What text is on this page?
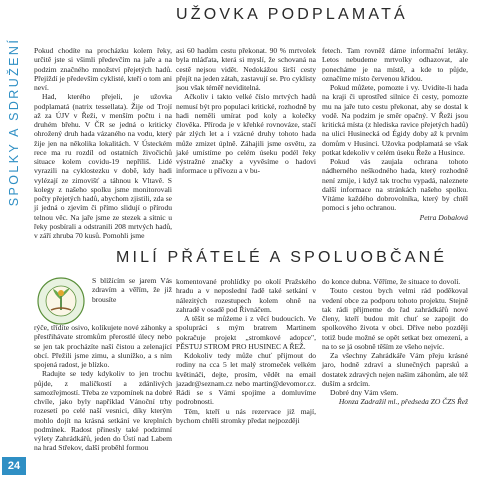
SPOLKY A SDRUŽENÍ
24
UŽOVKA PODPLAMATÁ

Pokud chodíte na procházku kolem řeky, určitě jste si všimli předevčím na jaře a na podzim značného množství přejetých hadů. Přejíždí je především cyklisté, kteří o tom ani neví.

Had, kterého přejeli, je užovka podplamatá (natrix tessellata). Žije od Trojí až za ÚJV v Řeži, v menším počtu i na druhém břehu. V ČR se jedná o kriticky ohrožený druh hada vázaného na vodu, který žije jen na několika lokalitách. V Ústeckém rece ma ru rozdíl od ostatních živočichů situace kolem covidu-19 nepříliš. Lidé vyrazili na cyklostezku v době, kdy hadi vylézají ze zimovišť a táhnou k Vltavě. S kolegy z našeho spolku jsme monitorovali počty přejetých hadů, abychom zjistili, zda se jí jedná o zjevím či přímo slidují o přírodu telnou věc. Na jaře jsme ze stezek a sítnic u řeky posbírali a odstranili 208 mrtvých hadů, v září zhruba 70 kusů. Pomohli jsme

asi 60 hadům cestu překonat. 90 % mrtvolek byla mláďata, která si myslí, že schovaná na cestě nejsou vidět. Nedokážou širší cesty přejít na jeden zátah, zastavují se. Pro cyklisty jsou však téměř neviditelná.

Ačkoliv i takto velké číslo mrtvých hadů nemusí být pro populaci kritické, rozhodně by hadi neměli umírat pod koly a kolečky člověka. Příroda je v křehké rovnováze, stačí pár zlých let a i vzácné druhy tohoto hada může zmizet úplně. Záhajili jsme osvětu, za jaké umístíme po celém úseku podél řeky výstražné značky a vyvěsíme o hadovi informace u přívozu a v bu-

fetech. Tam rovněž dáme informační letáky. Letos nebudeme mrtvolky odhazovat, ale ponecháme je na místě, a kde to půjde, označíme místo červenou křídou.

Pokud můžete, pomozte i vy. Uvidíte-li hada na kraji či uprostřed silnice či cesty, pomozte mu na jaře tuto cestu překonat, aby se dostal k vodě. Na podzim je směr opačný. V Řeži jsou kritická místa (z hlediska ravice přejetých hadů) na ulici Husinecká od Égidy doby až k prvním domům v Husinci. Užovka podplamatá se však potkat kdekoliv v celém úseku Řeže a Husince.

Pokud vás zaujala ochrana tohoto nádherného neškodného hada, který rozhodně není zmije, i když tak trochu vypadá, naleznete další informace na stránkách našeho spolku. Vítáme každého dobrovolníka, který by chtěl pomoci s jeho ochranou.

Petra Dobalová

MILÍ PŘÁTELÉ A SPOLUOBČANÉ

S blížícím se jarem Vás zdravím a věřím, že již brousíte

rýče, třídíte osivo, kolíkujete nové záhonky a přestřihávate stromkům přerostlé úlecy nebo se jen tak procházíte naší čistou a zelenající obcí. Přežili jsme zimu, a slunížko, a s ním spojená radost, je blízko.

Radujte se tedy kdykoliv to jen trochu půjde, z maličkostí a zdánlivých samozřejmostí. Třeba ze vzpomínek na dobré chvíle, jako byly například Vánoční trhy rozesetí po celé naší vesnici, díky kterým mohlo dojít na krásná setkání ve kreplních podmínek. Radost přinesly také podzimní výlety Zahrádkářů, jeden do Ústí nad Labem na hrad Střekov, další proběhl formou

komentované prohlídky po okolí Pražského hradu a v neposlední řadě také setkání v nálezitých rozestupech kolem ohně na zahradě v osadě pod Řivnáčem.

A těšit se můžeme i z věcí budoucích. Ve spolupráci s mým bratrem Martinem pokračuje projekt „stromkové adopce", PĚSTUJ STROM PRO HUSINEC A ŘEŽ.

Kdokoliv tedy může chuť přijmout do rodiny na cca 5 let malý stromeček velkém květináči, dejte, prosím, vědět na email jazadr@seznam.cz nebo martin@devomor.cz. Rádi se s Vámi spojíme a domluvíme podrobnosti.

Těm, kteří u nás rezervace již mají, bychom chtěli stromky předat nejpozději

do konce dubna. Věříme, že situace to dovolí.

Touto cestou bych velmi rád poděkoval vedení obce za podporu tohoto projektu. Stejně tak rádi přijmeme do řad zahrádkářů nové členy, kteří budou mít chuť se zapojit do spolkového života v obci. Dříve nebo později totiž bude možné se opět setkat bez omezení, a na to se já osobně těším ze všeho nejvíc.

Za všechny Zahrádkáře Vám přeju krásné jaro, hodně zdraví a slunečných paprsků a dostatek zdravých nejen našim záhonům, ale též duším a srdcím.

Dobré dny Vám všem.

Honza Zadražil ml., předseda ZO ČZS Řež
